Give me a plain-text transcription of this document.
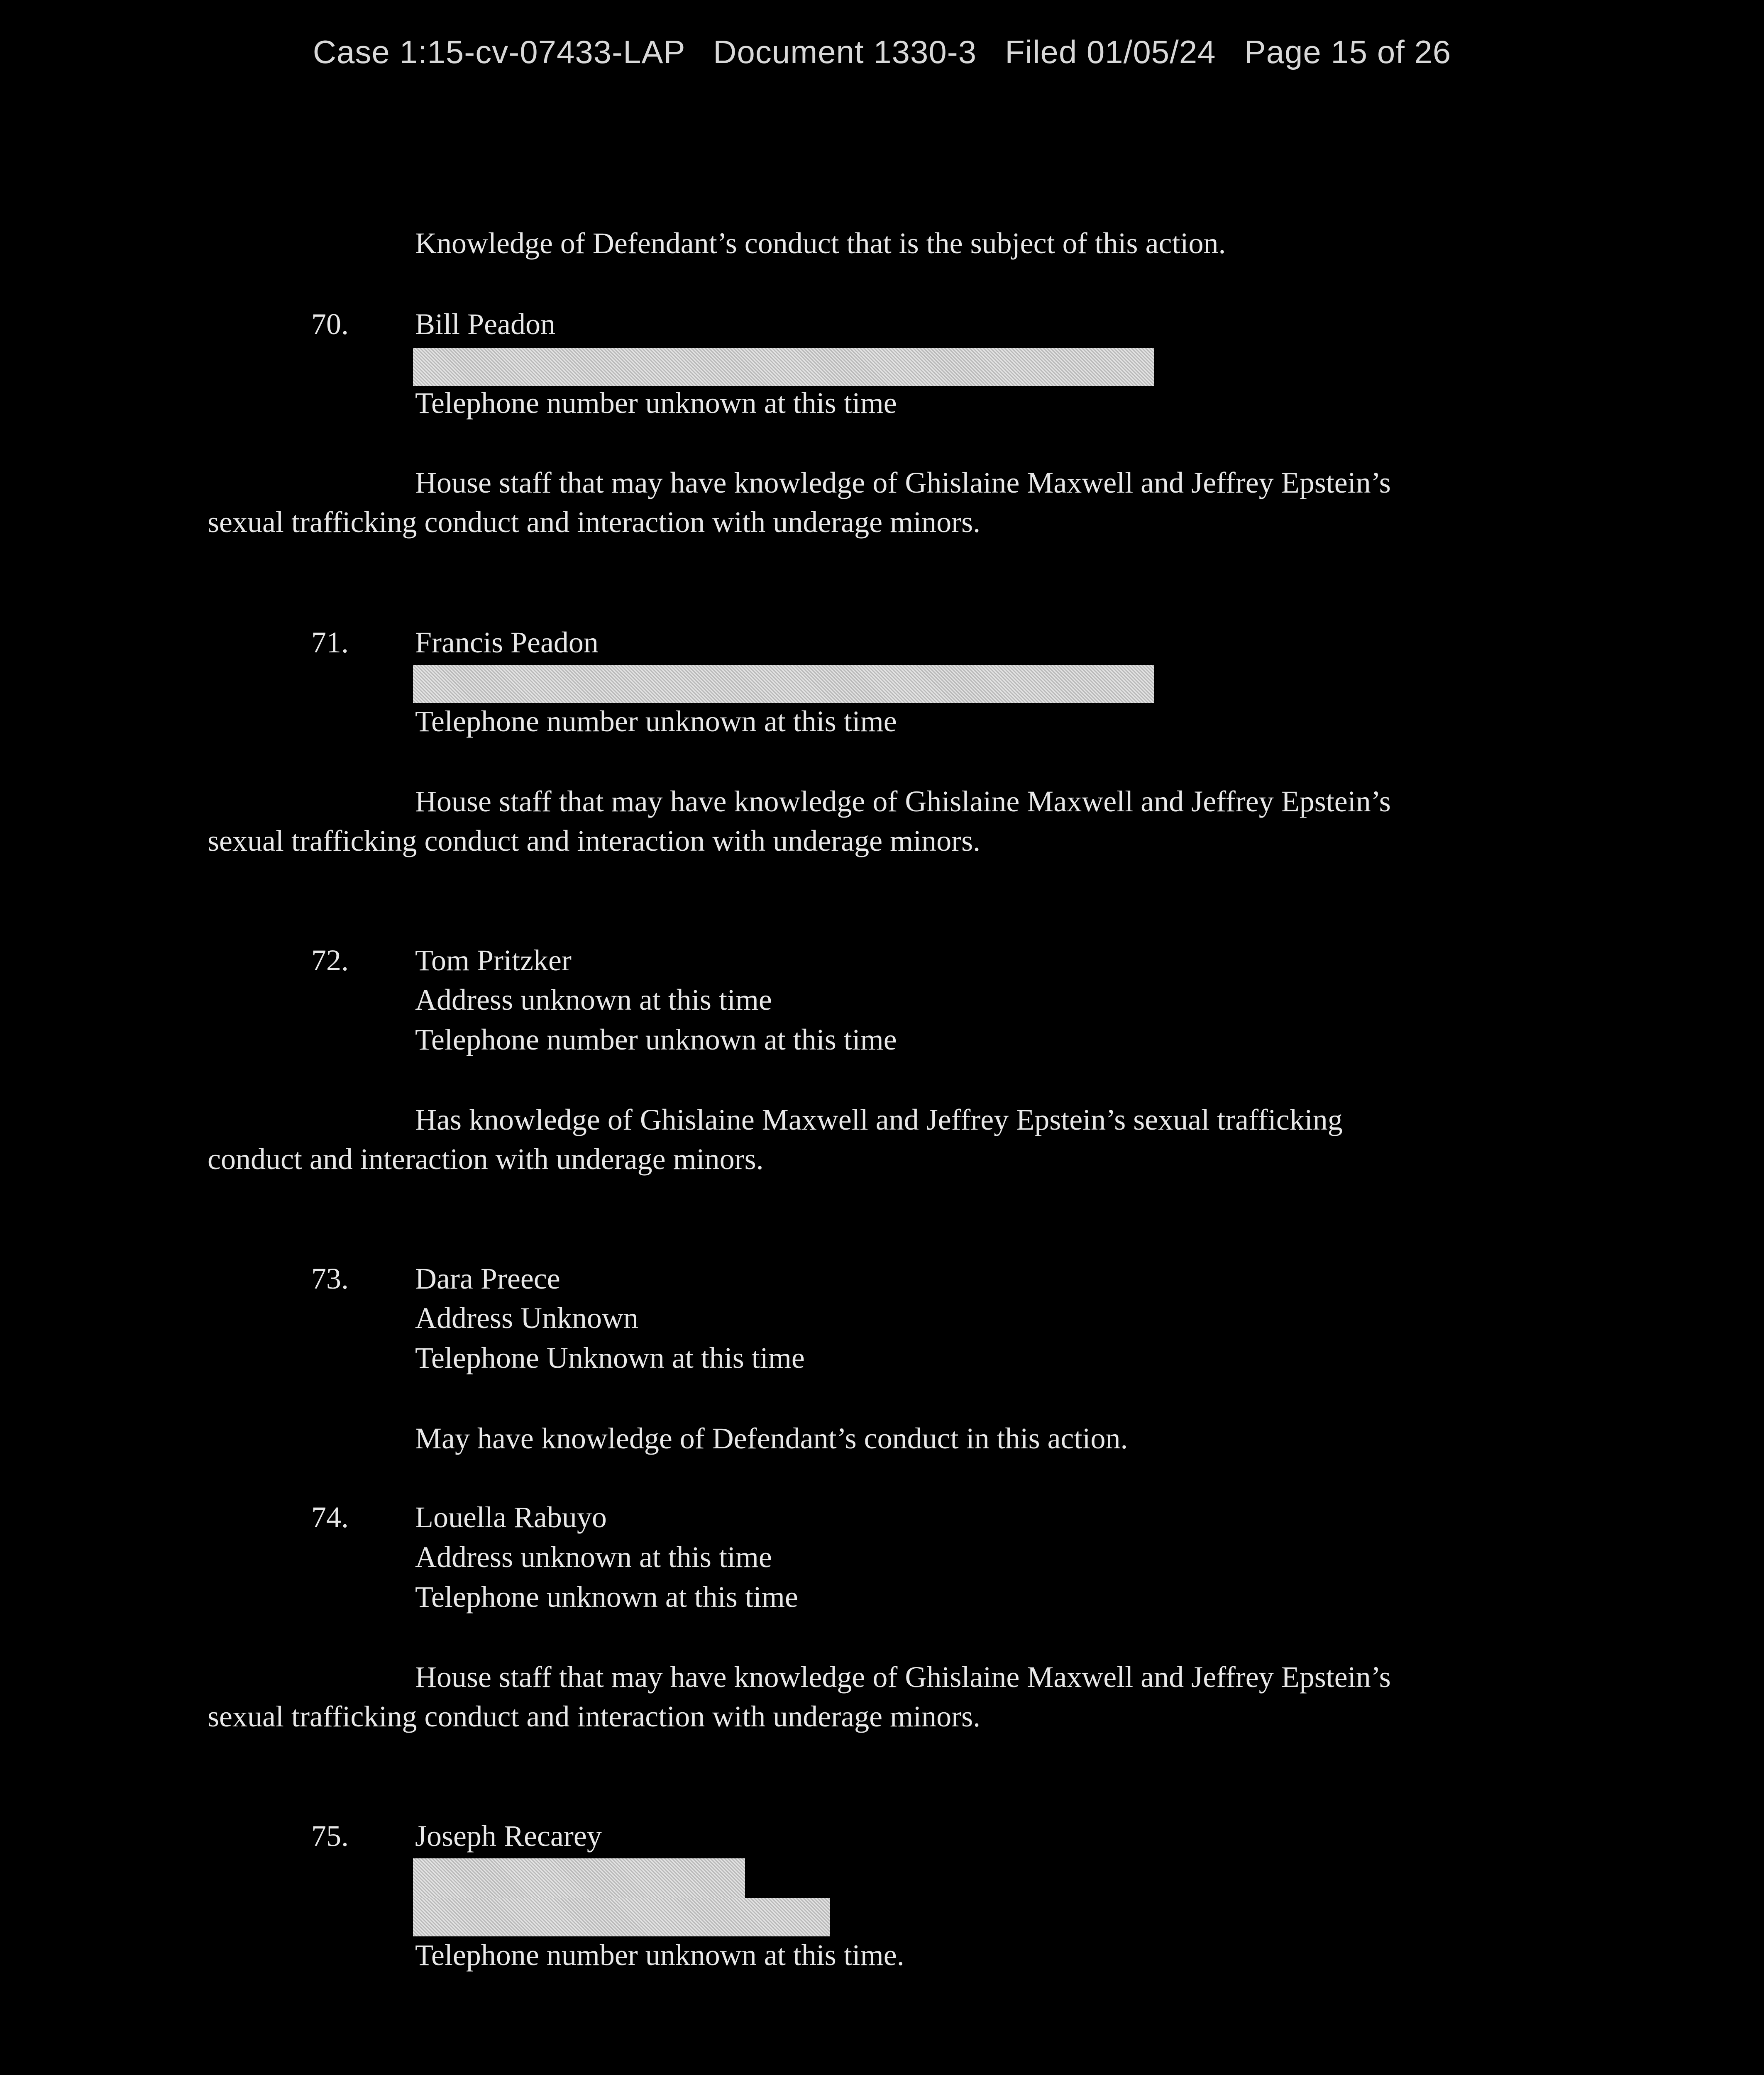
Case 1:15-cv-07433-LAP Document 1330-3 Filed 01/05/24 Page 15 of 26
Knowledge of Defendant’s conduct that is the subject of this action.
70. Bill Peadon
Telephone number unknown at this time
House staff that may have knowledge of Ghislaine Maxwell and Jeffrey Epstein’s
sexual trafficking conduct and interaction with underage minors.
71. Francis Peadon
Telephone number unknown at this time
House staff that may have knowledge of Ghislaine Maxwell and Jeffrey Epstein’s
sexual trafficking conduct and interaction with underage minors.
72. Tom Pritzker
Address unknown at this time
Telephone number unknown at this time
Has knowledge of Ghislaine Maxwell and Jeffrey Epstein’s sexual trafficking
conduct and interaction with underage minors.
73. Dara Preece
Address Unknown
Telephone Unknown at this time
May have knowledge of Defendant’s conduct in this action.
74. Louella Rabuyo
Address unknown at this time
Telephone unknown at this time
House staff that may have knowledge of Ghislaine Maxwell and Jeffrey Epstein’s
sexual trafficking conduct and interaction with underage minors.
75. Joseph Recarey
Telephone number unknown at this time.
